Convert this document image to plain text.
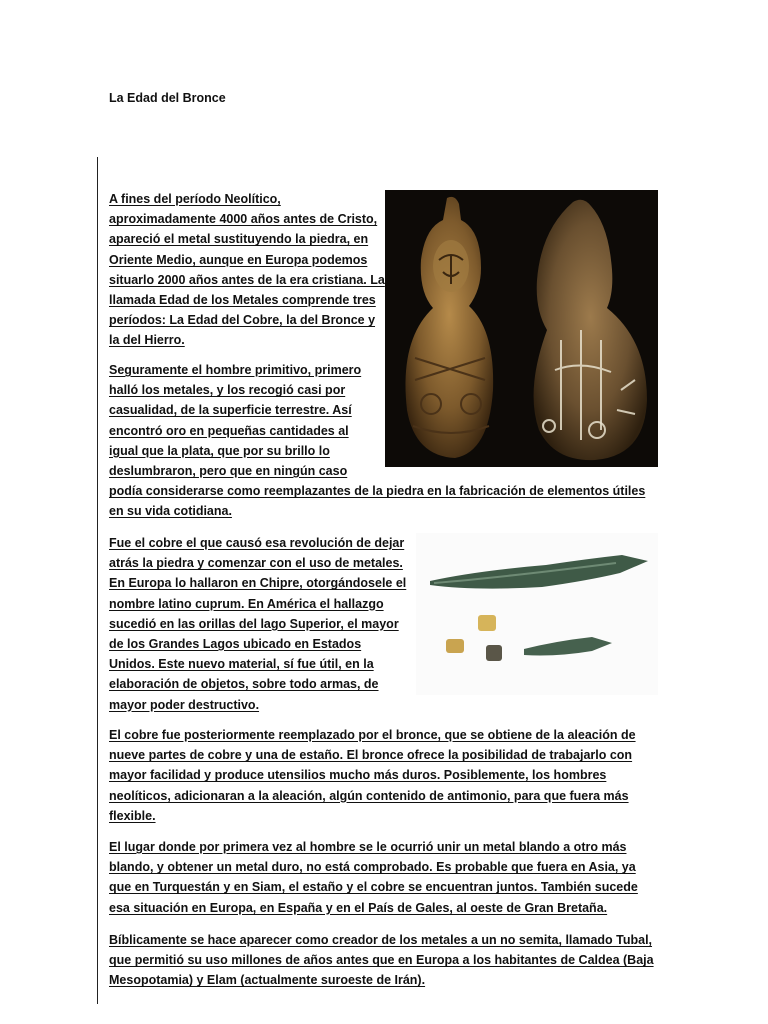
La Edad del Bronce

A fines del período Neolítico, aproximadamente 4000 años antes de Cristo, apareció el metal sustituyendo la piedra, en Oriente Medio, aunque en Europa podemos situarlo 2000 años antes de la era cristiana. La llamada Edad de los Metales comprende tres períodos: La Edad del Cobre, la del Bronce y la del Hierro.

Seguramente el hombre primitivo, primero halló los metales, y los recogió casi por casualidad, de la superficie terrestre. Así encontró oro en pequeñas cantidades al igual que la plata, que por su brillo lo deslumbraron, pero que en ningún caso podía considerarse como reemplazantes de la piedra en la fabricación de elementos útiles en su vida cotidiana.

Fue el cobre el que causó esa revolución de dejar atrás la piedra y comenzar con el uso de metales. En Europa lo hallaron en Chipre, otorgándosele el nombre latino cuprum. En América el hallazgo sucedió en las orillas del lago Superior, el mayor de los Grandes Lagos ubicado en Estados Unidos. Este nuevo material, sí fue útil, en la elaboración de objetos, sobre todo armas, de mayor poder destructivo.

El cobre fue posteriormente reemplazado por el bronce, que se obtiene de la aleación de nueve partes de cobre y una de estaño. El bronce ofrece la posibilidad de trabajarlo con mayor facilidad y produce utensilios mucho más duros. Posiblemente, los hombres neolíticos, adicionaran a la aleación, algún contenido de antimonio, para que fuera más flexible.

El lugar donde por primera vez al hombre se le ocurrió unir un metal blando a otro más blando, y obtener un metal duro, no está comprobado. Es probable que fuera en Asia, ya que en Turquestán y en Siam, el estaño y el cobre se encuentran juntos. También sucede esa situación en Europa, en España y en el País de Gales, al oeste de Gran Bretaña.

Bíblicamente se hace aparecer como creador de los metales a un no semita, llamado Tubal, que permitió su uso millones de años antes que en Europa a los habitantes de Caldea (Baja Mesopotamia) y Elam (actualmente suroeste de Irán).
